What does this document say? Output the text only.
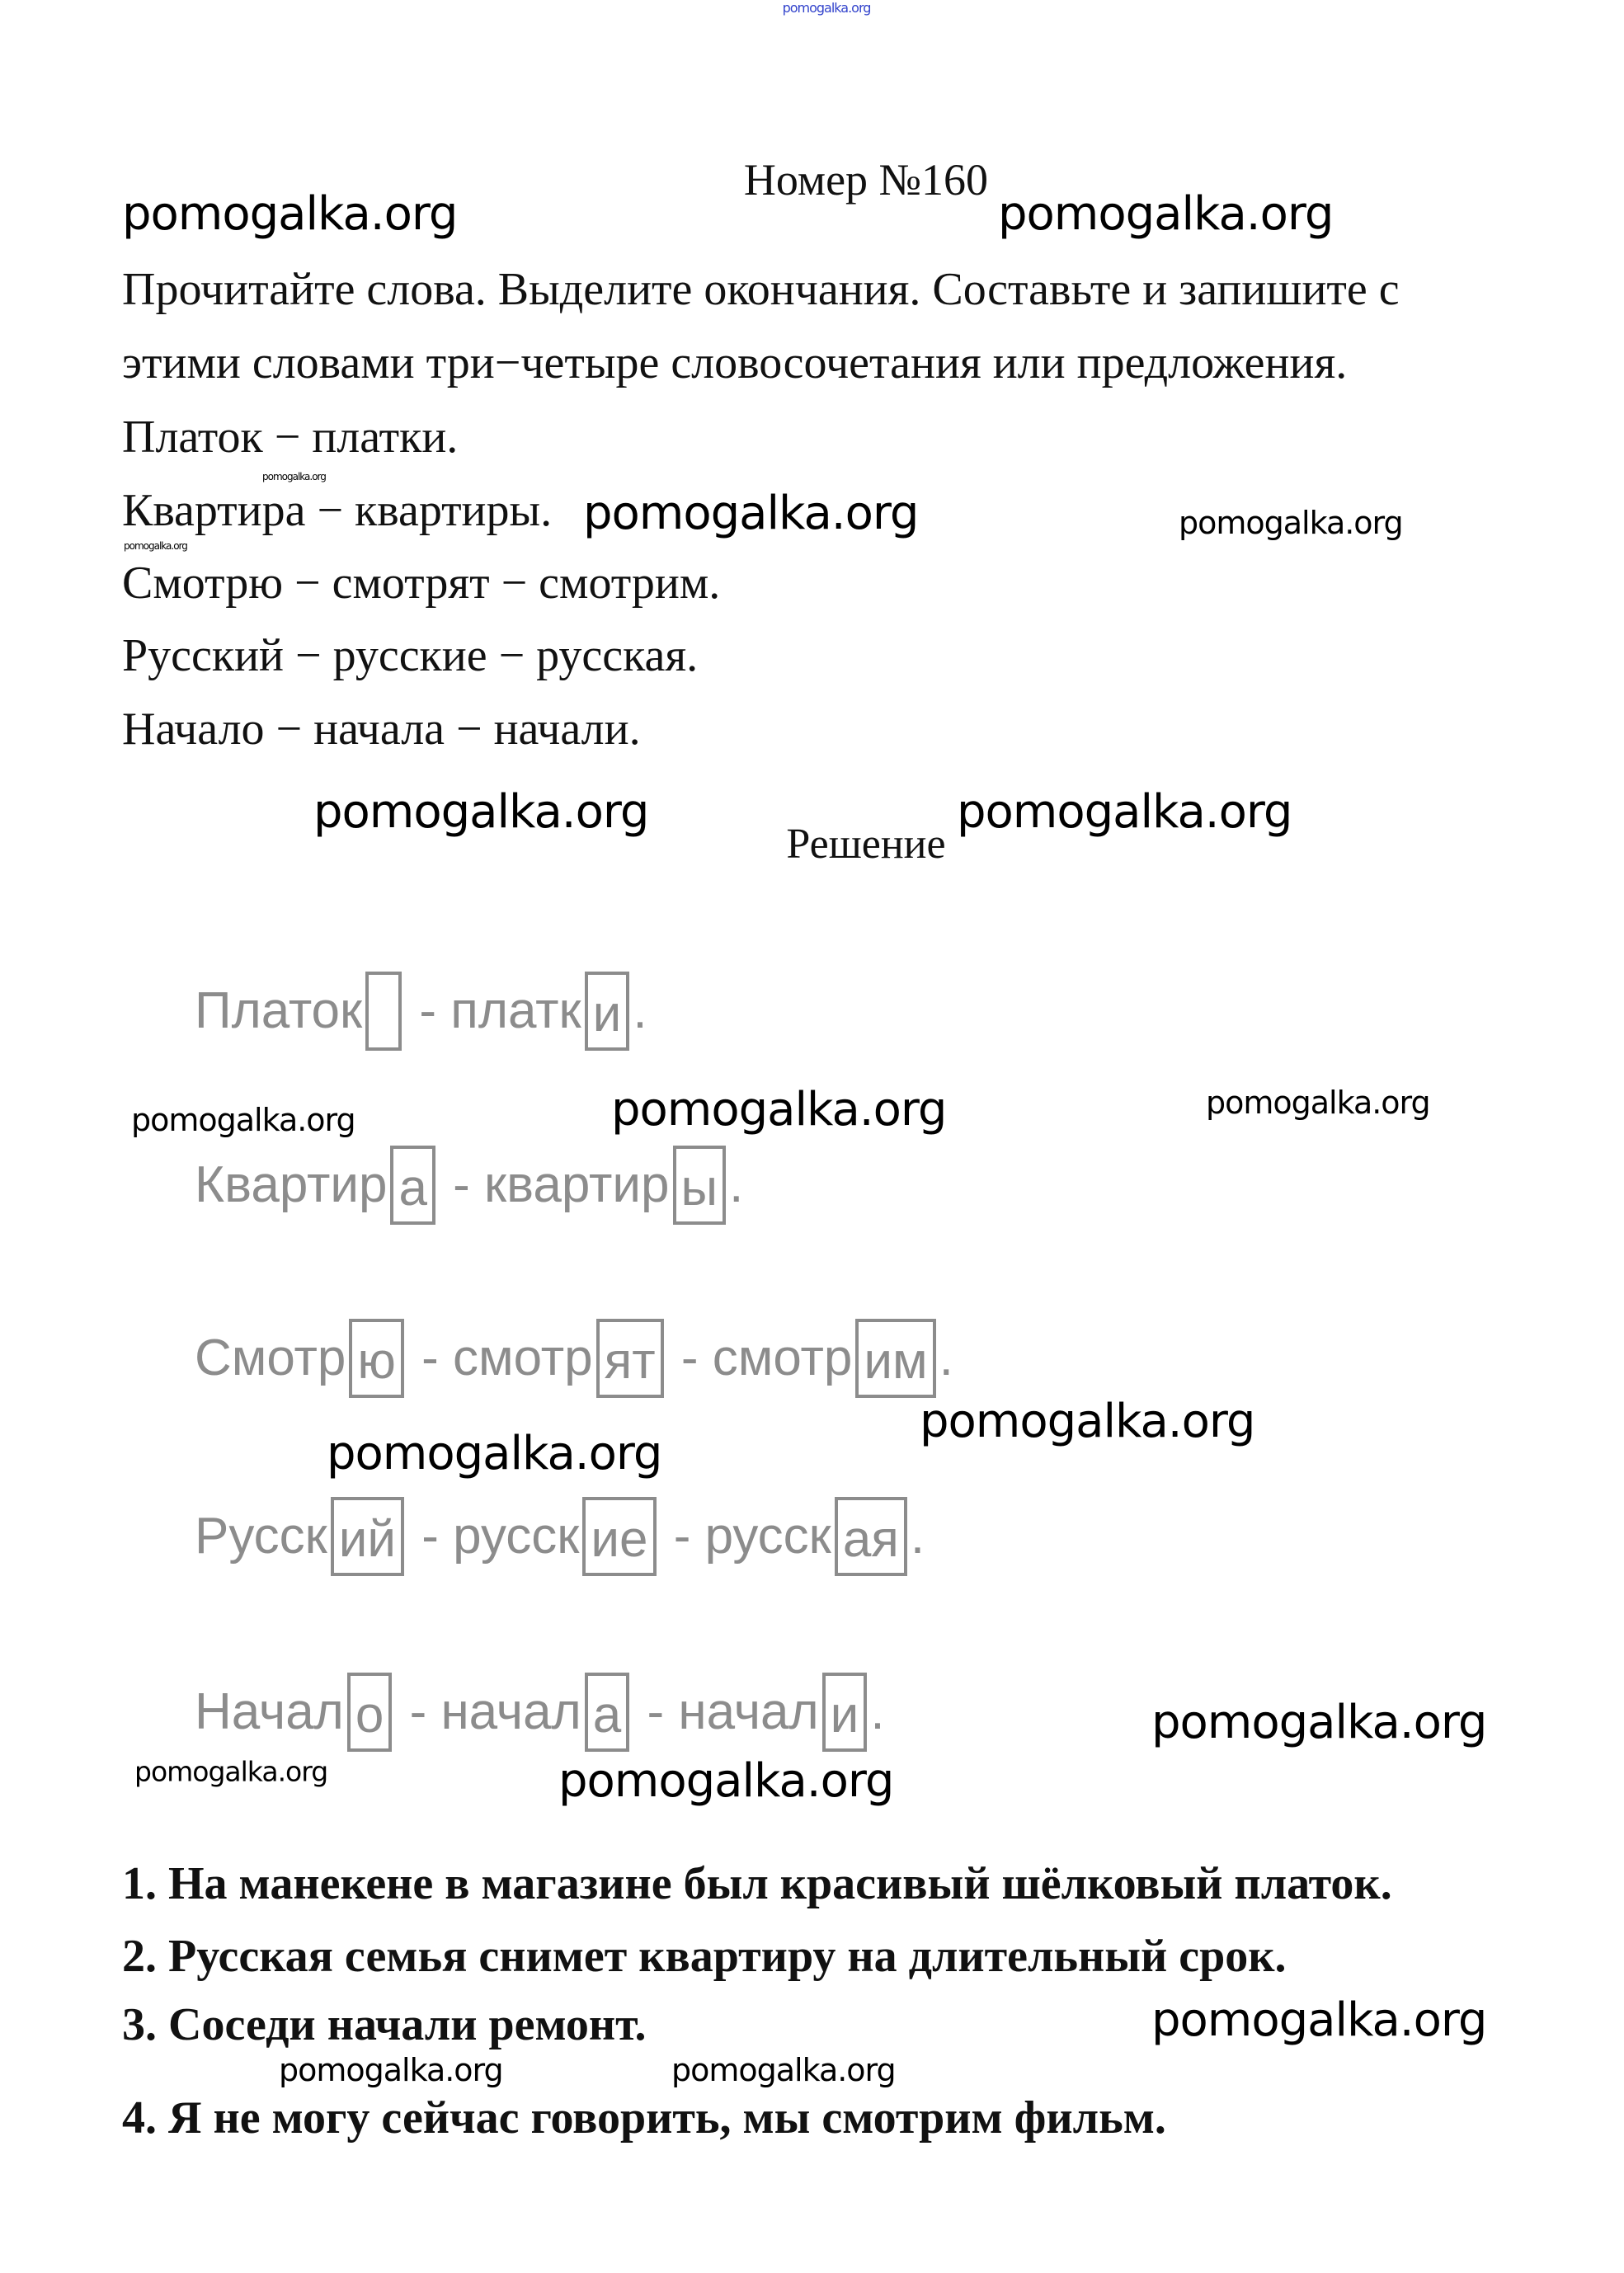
pomogalka.org
pomogalka.org	pomogalka.org
pomogalka.org	pomogalka.org
pomogalka.org
pomogalka.org
pomogalka.org	pomogalka.org
pomogalka.org	pomogalka.org
pomogalka.org
pomogalka.org
pomogalka.org
pomogalka.org
pomogalka.org	pomogalka.org
pomogalka.org
pomogalka.org	pomogalka.org
Номер №160
Прочитайте слова. Выделите окончания. Составьте и запишите с
этими словами три−четыре словосочетания или предложения.
Платок − платки.
Квартира − квартиры.
Смотрю − смотрят − смотрим.
Русский − русские − русская.
Начало − начала − начали.
Решение
Платок - платк и .
Квартир а - квартир ы .
Смотр ю - смотр ят - смотр им .
Русск ий - русск ие - русск ая .
Начал о - начал а - начал и .
1. На манекене в магазине был красивый шёлковый платок.
2. Русская семья снимет квартиру на длительный срок.
3. Соседи начали ремонт.
4. Я не могу сейчас говорить, мы смотрим фильм.
